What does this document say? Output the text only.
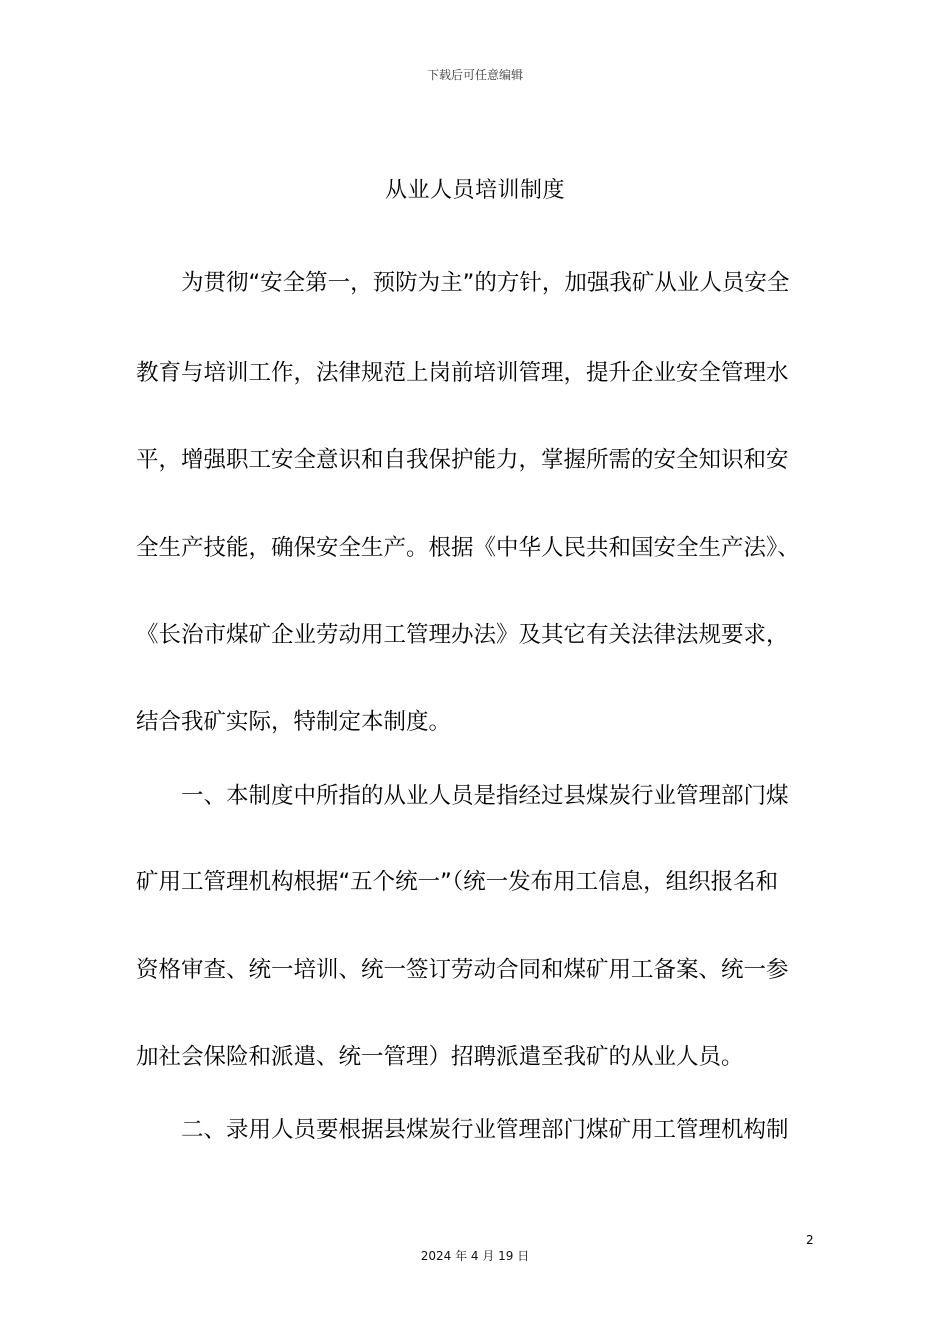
下载后可任意编辑
从业人员培训制度
为贯彻“安全第一，预防为主”的方针，加强我矿从业人员安全
教育与培训工作，法律规范上岗前培训管理，提升企业安全管理水
平，增强职工安全意识和自我保护能力，掌握所需的安全知识和安
全生产技能，确保安全生产。根据《中华人民共和国安全生产法》、
《长治市煤矿企业劳动用工管理办法》及其它有关法律法规要求，
结合我矿实际，特制定本制度。
一、本制度中所指的从业人员是指经过县煤炭行业管理部门煤
矿用工管理机构根据“五个统一”（统一发布用工信息，组织报名和
资格审查、统一培训、统一签订劳动合同和煤矿用工备案、统一参
加社会保险和派遣、统一管理）招聘派遣至我矿的从业人员。
二、录用人员要根据县煤炭行业管理部门煤矿用工管理机构制
2
2024 年 4 月 19 日
